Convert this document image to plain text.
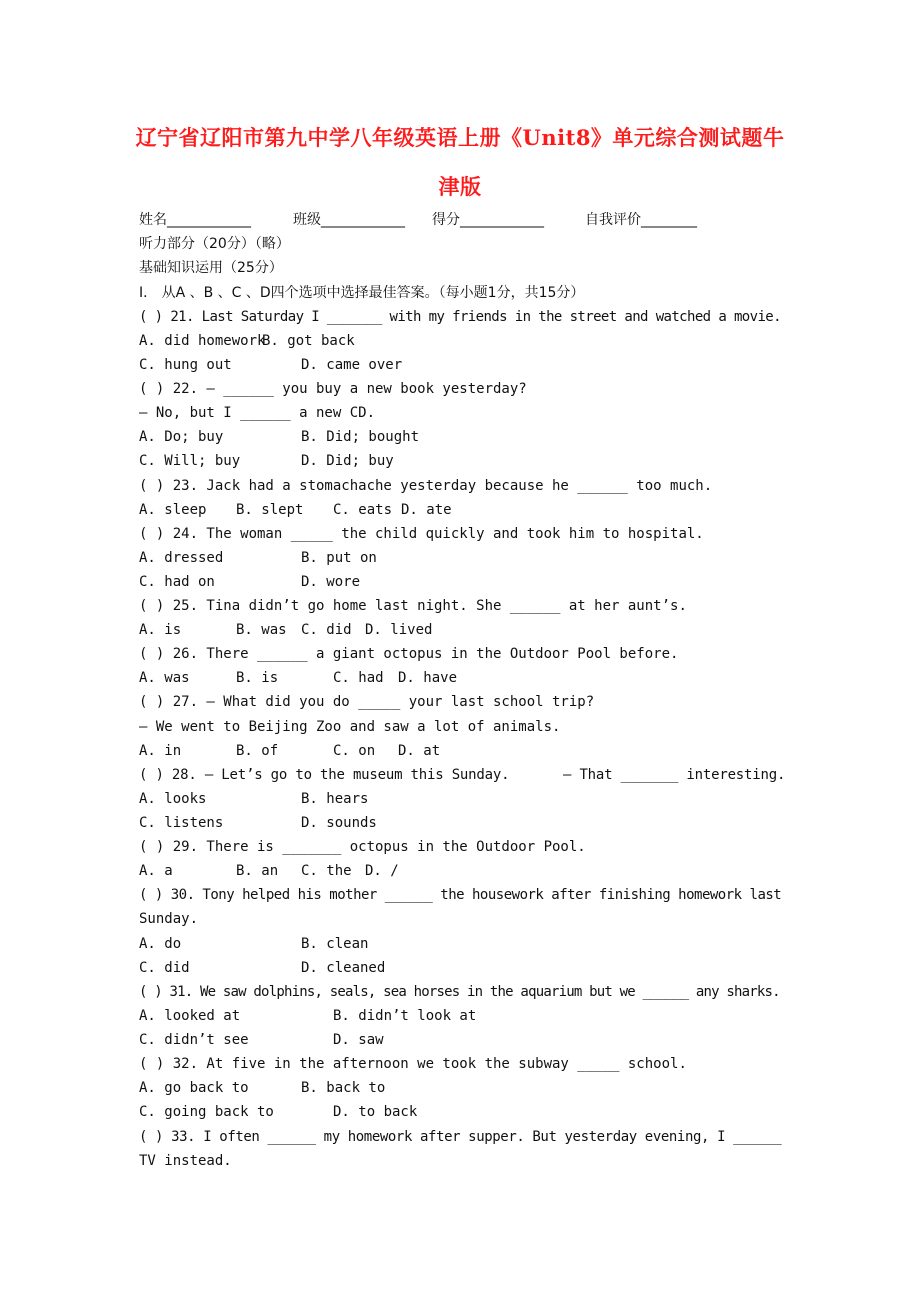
辽宁省辽阳市第九中学八年级英语上册《Unit8》单元综合测试题牛
津版
姓名____________	班级____________ 得分____________	自我评价________
听力部分（20分）（略）
基础知识运用（25分）
Ⅰ． 从A 、B 、C 、D四个选项中选择最佳答案。（每小题1分，共15分）
( ) 21. Last Saturday I _______ with my friends in the street and watched a movie.
A. did homework
B. got back
C. hung out	D. came over
( ) 22. — ______ you buy a new book yesterday?
— No, but I ______ a new CD.
A. Do; buy	B. Did; bought
C. Will; buy	D. Did; buy
( ) 23. Jack had a stomachache yesterday because he ______ too much.
A. sleep B. slept C. eats D. ate
( ) 24. The woman _____ the child quickly and took him to hospital.
A. dressed	B. put on
C. had on	D. wore
( ) 25. Tina didn’t go home last night. She ______ at her aunt’s.
A. is	B. was C. did D. lived
( ) 26. There ______ a giant octopus in the Outdoor Pool before.
A. was	B. is	C. had D. have
( ) 27. — What did you do _____ your last school trip?
— We went to Beijing Zoo and saw a lot of animals.
A. in	B. of	C. on D. at
( ) 28. — Let’s go to the museum this Sunday.	— That _______ interesting.
A. looks	B. hears
C. listens	D. sounds
( ) 29. There is _______ octopus in the Outdoor Pool.
A. a	B. an C. the D. /
( ) 30. Tony helped his mother ______ the housework after finishing homework last
Sunday.
A. do	B. clean
C. did	D. cleaned
( ) 31. We saw dolphins, seals, sea horses in the aquarium but we ______ any sharks.
A. looked at	B. didn’t look at
C. didn’t see	D. saw
( ) 32. At five in the afternoon we took the subway _____ school.
A. go back to	B. back to
C. going back to	D. to back
( ) 33. I often ______ my homework after supper. But yesterday evening, I ______
TV instead.
